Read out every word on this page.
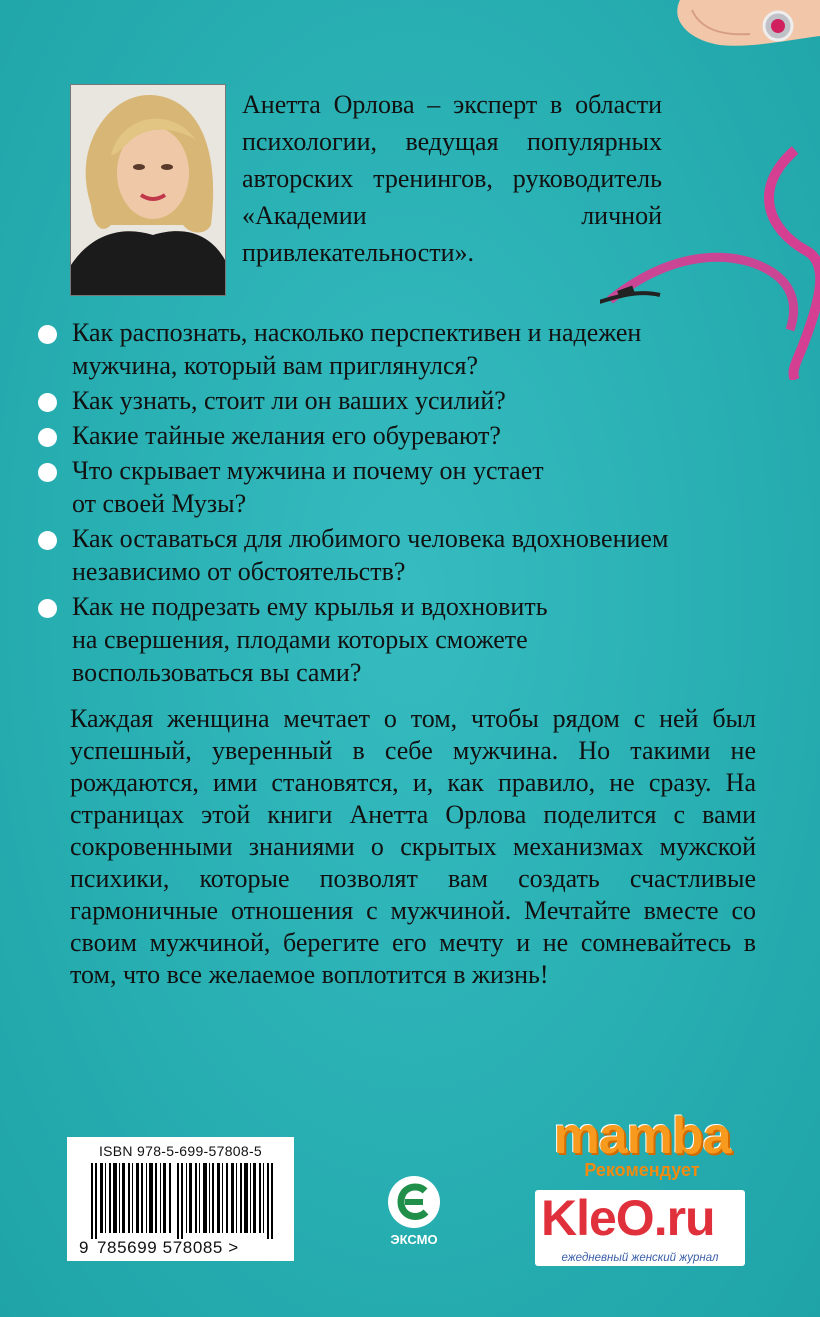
Анетта Орлова – эксперт в области психологии, ведущая популярных авторских тренингов, руководитель «Академии личной привлекательности».
Как распознать, насколько перспективен и надежен
мужчина, который вам приглянулся?
Как узнать, стоит ли он ваших усилий?
Какие тайные желания его обуревают?
Что скрывает мужчина и почему он устает
от своей Музы?
Как оставаться для любимого человека вдохновением
независимо от обстоятельств?
Как не подрезать ему крылья и вдохновить
на свершения, плодами которых сможете
воспользоваться вы сами?

Каждая женщина мечтает о том, чтобы рядом с ней был успешный, уверенный в себе мужчина. Но такими не рождаются, ими становятся, и, как правило, не сразу. На страницах этой книги Анетта Орлова поделится с вами сокровенными знаниями о скрытых механизмах мужской психики, которые позволят вам создать счастливые гармоничные отношения с мужчиной. Мечтайте вместе со своим мужчиной, берегите его мечту и не сомневайтесь в том, что все желаемое воплотится в жизнь!

ISBN 978-5-699-57808-5
9 785699 578085 >	ЭКСМО
mamba
Рекомендует
KleO.ru
ежедневный женский журнал
